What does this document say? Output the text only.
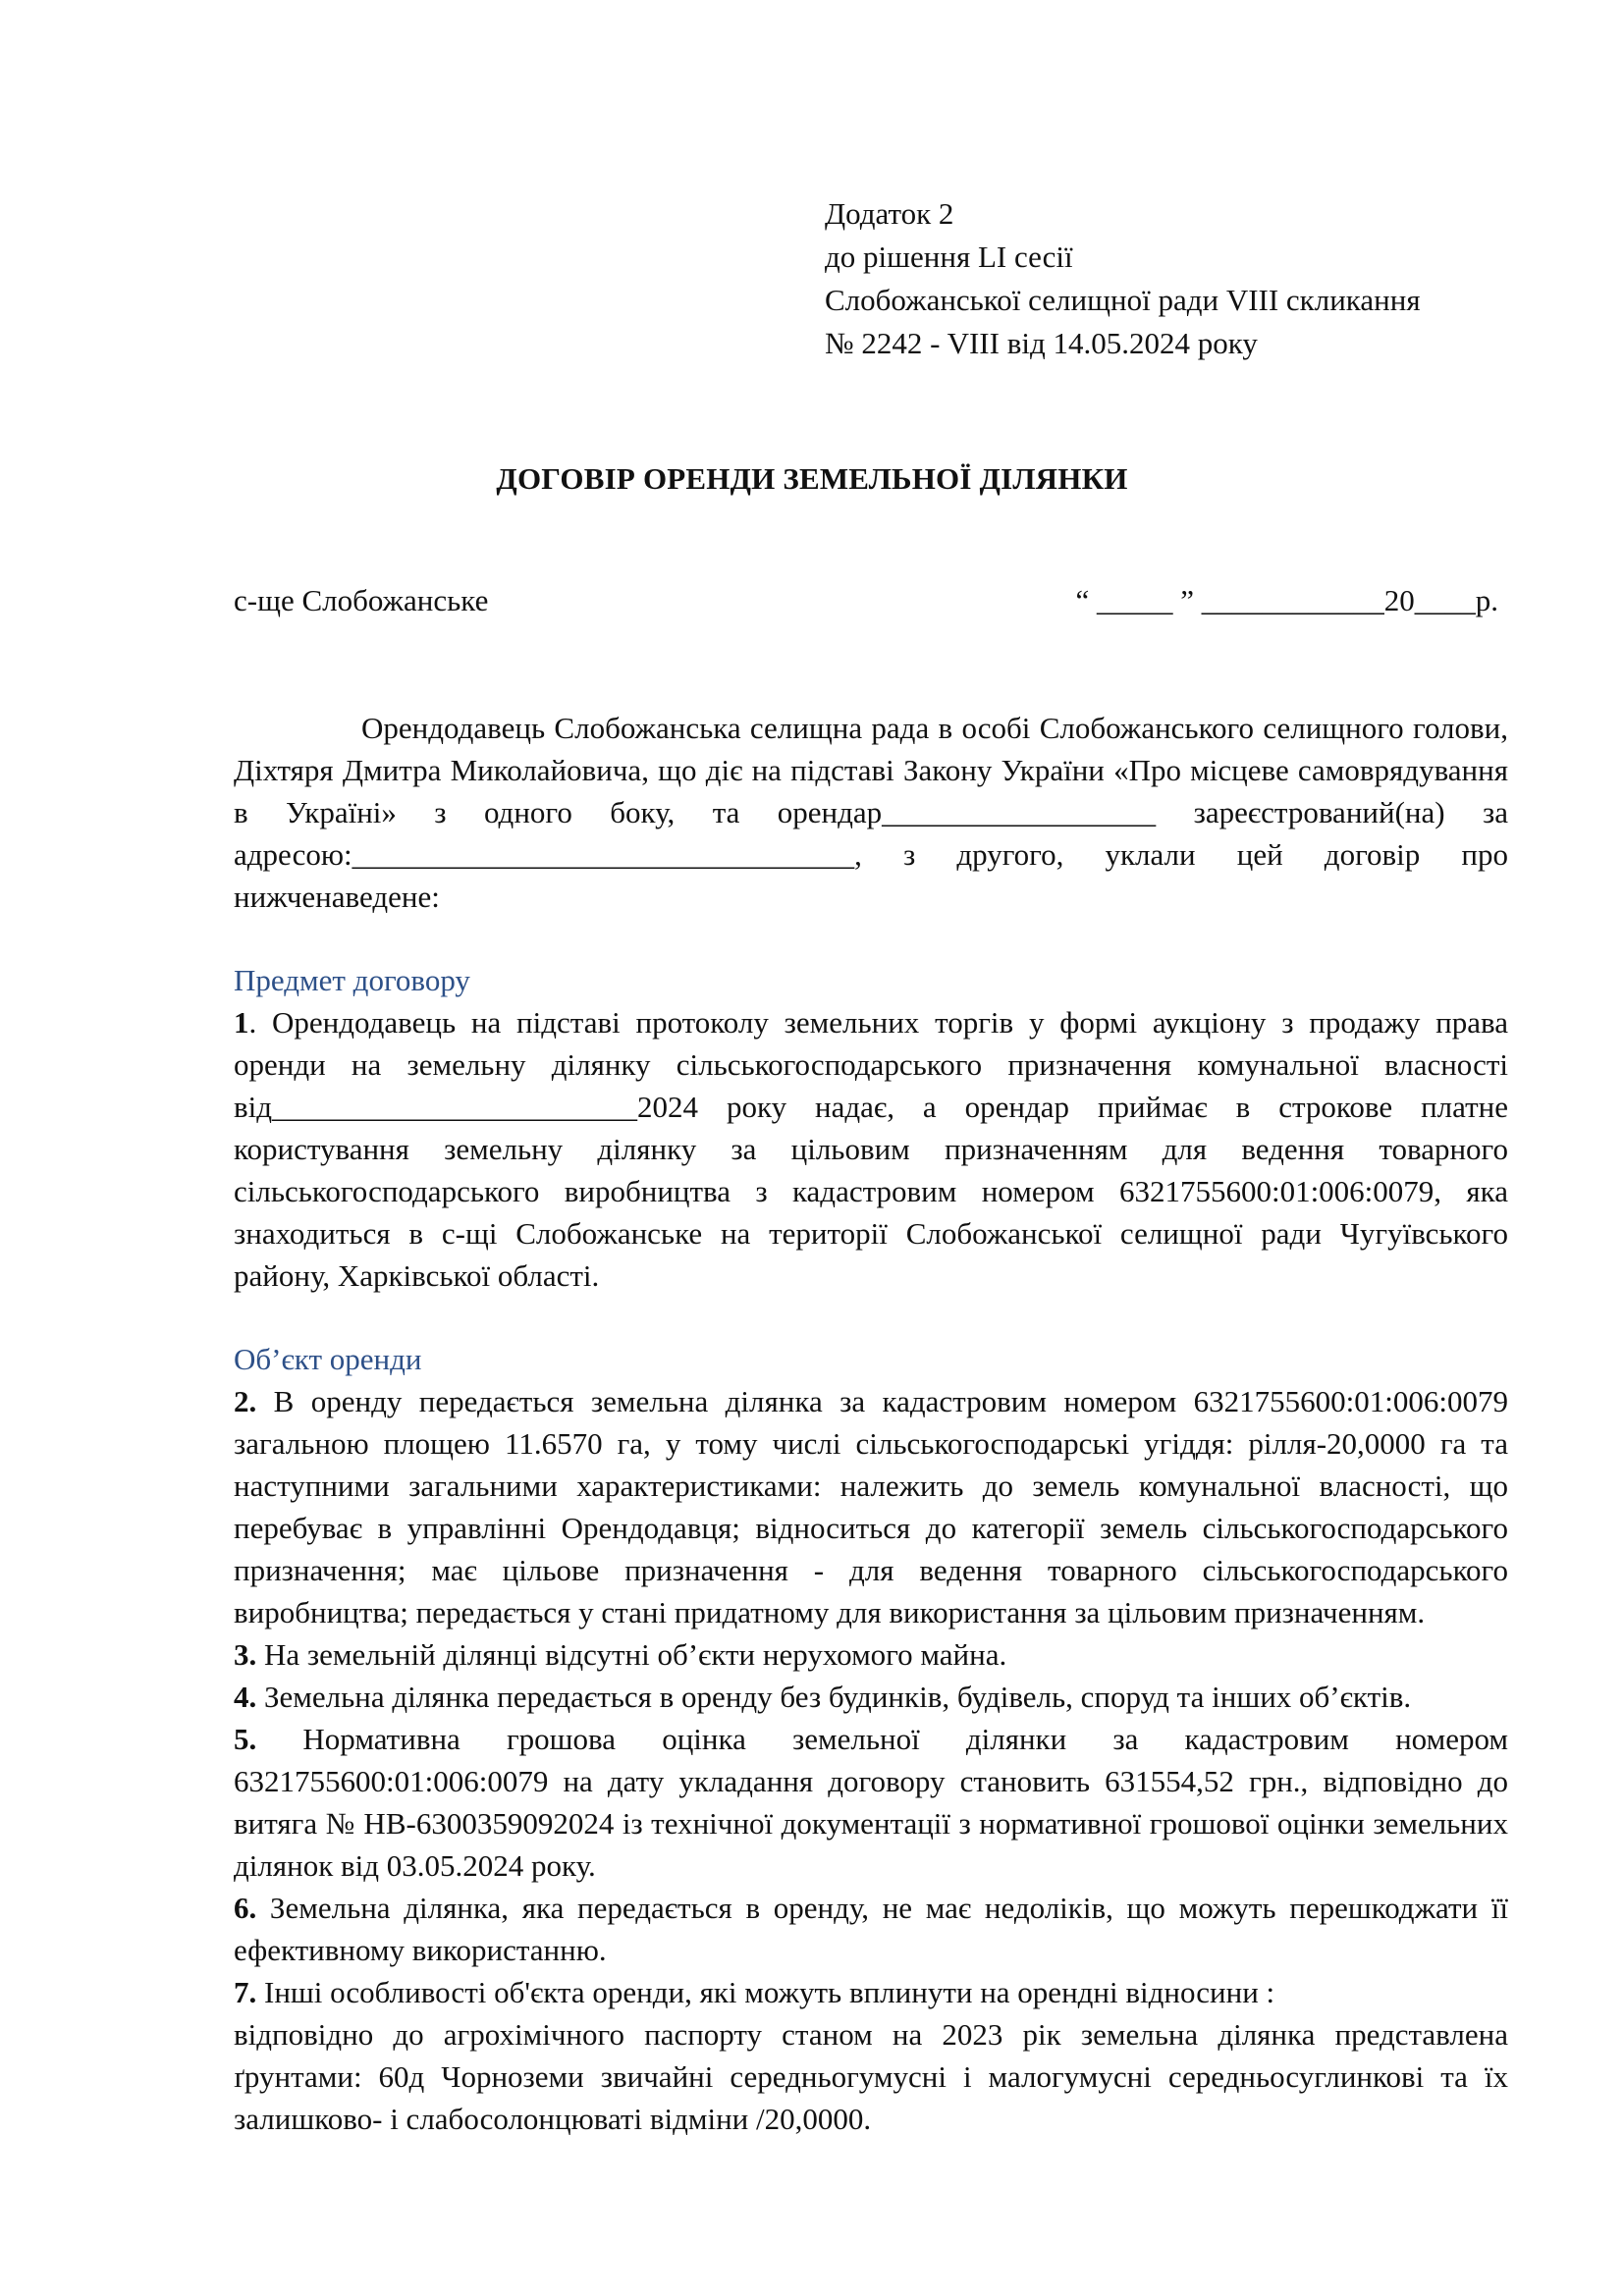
Додаток 2
до рішення LI сесії
Слобожанської селищної ради VIII скликання
№ 2242 - VIII від 14.05.2024 року
ДОГОВІР ОРЕНДИ ЗЕМЕЛЬНОЇ ДІЛЯНКИ
с-ще Слобожанське	“ _____ ” ____________20____р.

Орендодавець Слобожанська селищна рада в особі Слобожанського селищного голови, Діхтяря Дмитра Миколайовича, що діє на підставі Закону України «Про місцеве самоврядування в Україні» з одного боку, та орендар__________________ зареєстрований(на) за адресою:_________________________________, з другого, уклали цей договір про нижченаведене:

Предмет договору

1. Орендодавець на підставі протоколу земельних торгів у формі аукціону з продажу права оренди на земельну ділянку сільськогосподарського призначення комунальної власності від________________________2024 року надає, а орендар приймає в строкове платне користування земельну ділянку за цільовим призначенням для ведення товарного сільськогосподарського виробництва з кадастровим номером 6321755600:01:006:0079, яка знаходиться в с-щі Слобожанське на території Слобожанської селищної ради Чугуївського району, Харківської області.

Об’єкт оренди

2. В оренду передається земельна ділянка за кадастровим номером 6321755600:01:006:0079 загальною площею 11.6570 га, у тому числі сільськогосподарські угіддя: рілля-20,0000 га та наступними загальними характеристиками: належить до земель комунальної власності, що перебуває в управлінні Орендодавця; відноситься до категорії земель сільськогосподарського призначення; має цільове призначення - для ведення товарного сільськогосподарського виробництва; передається у стані придатному для використання за цільовим призначенням.

3. На земельній ділянці відсутні об’єкти нерухомого майна.

4. Земельна ділянка передається в оренду без будинків, будівель, споруд та інших об’єктів.

5. Нормативна грошова оцінка земельної ділянки за кадастровим номером 6321755600:01:006:0079 на дату укладання договору становить 631554,52 грн., відповідно до витяга № НВ-6300359092024 із технічної документації з нормативної грошової оцінки земельних ділянок від 03.05.2024 року.

6. Земельна ділянка, яка передається в оренду, не має недоліків, що можуть перешкоджати її ефективному використанню.

7. Інші особливості об'єкта оренди, які можуть вплинути на орендні відносини :

відповідно до агрохімічного паспорту станом на 2023 рік земельна ділянка представлена ґрунтами: 60д Чорноземи звичайні середньогумусні і малогумусні середньосуглинкові та їх залишково- і слабосолонцюваті відміни /20,0000.
